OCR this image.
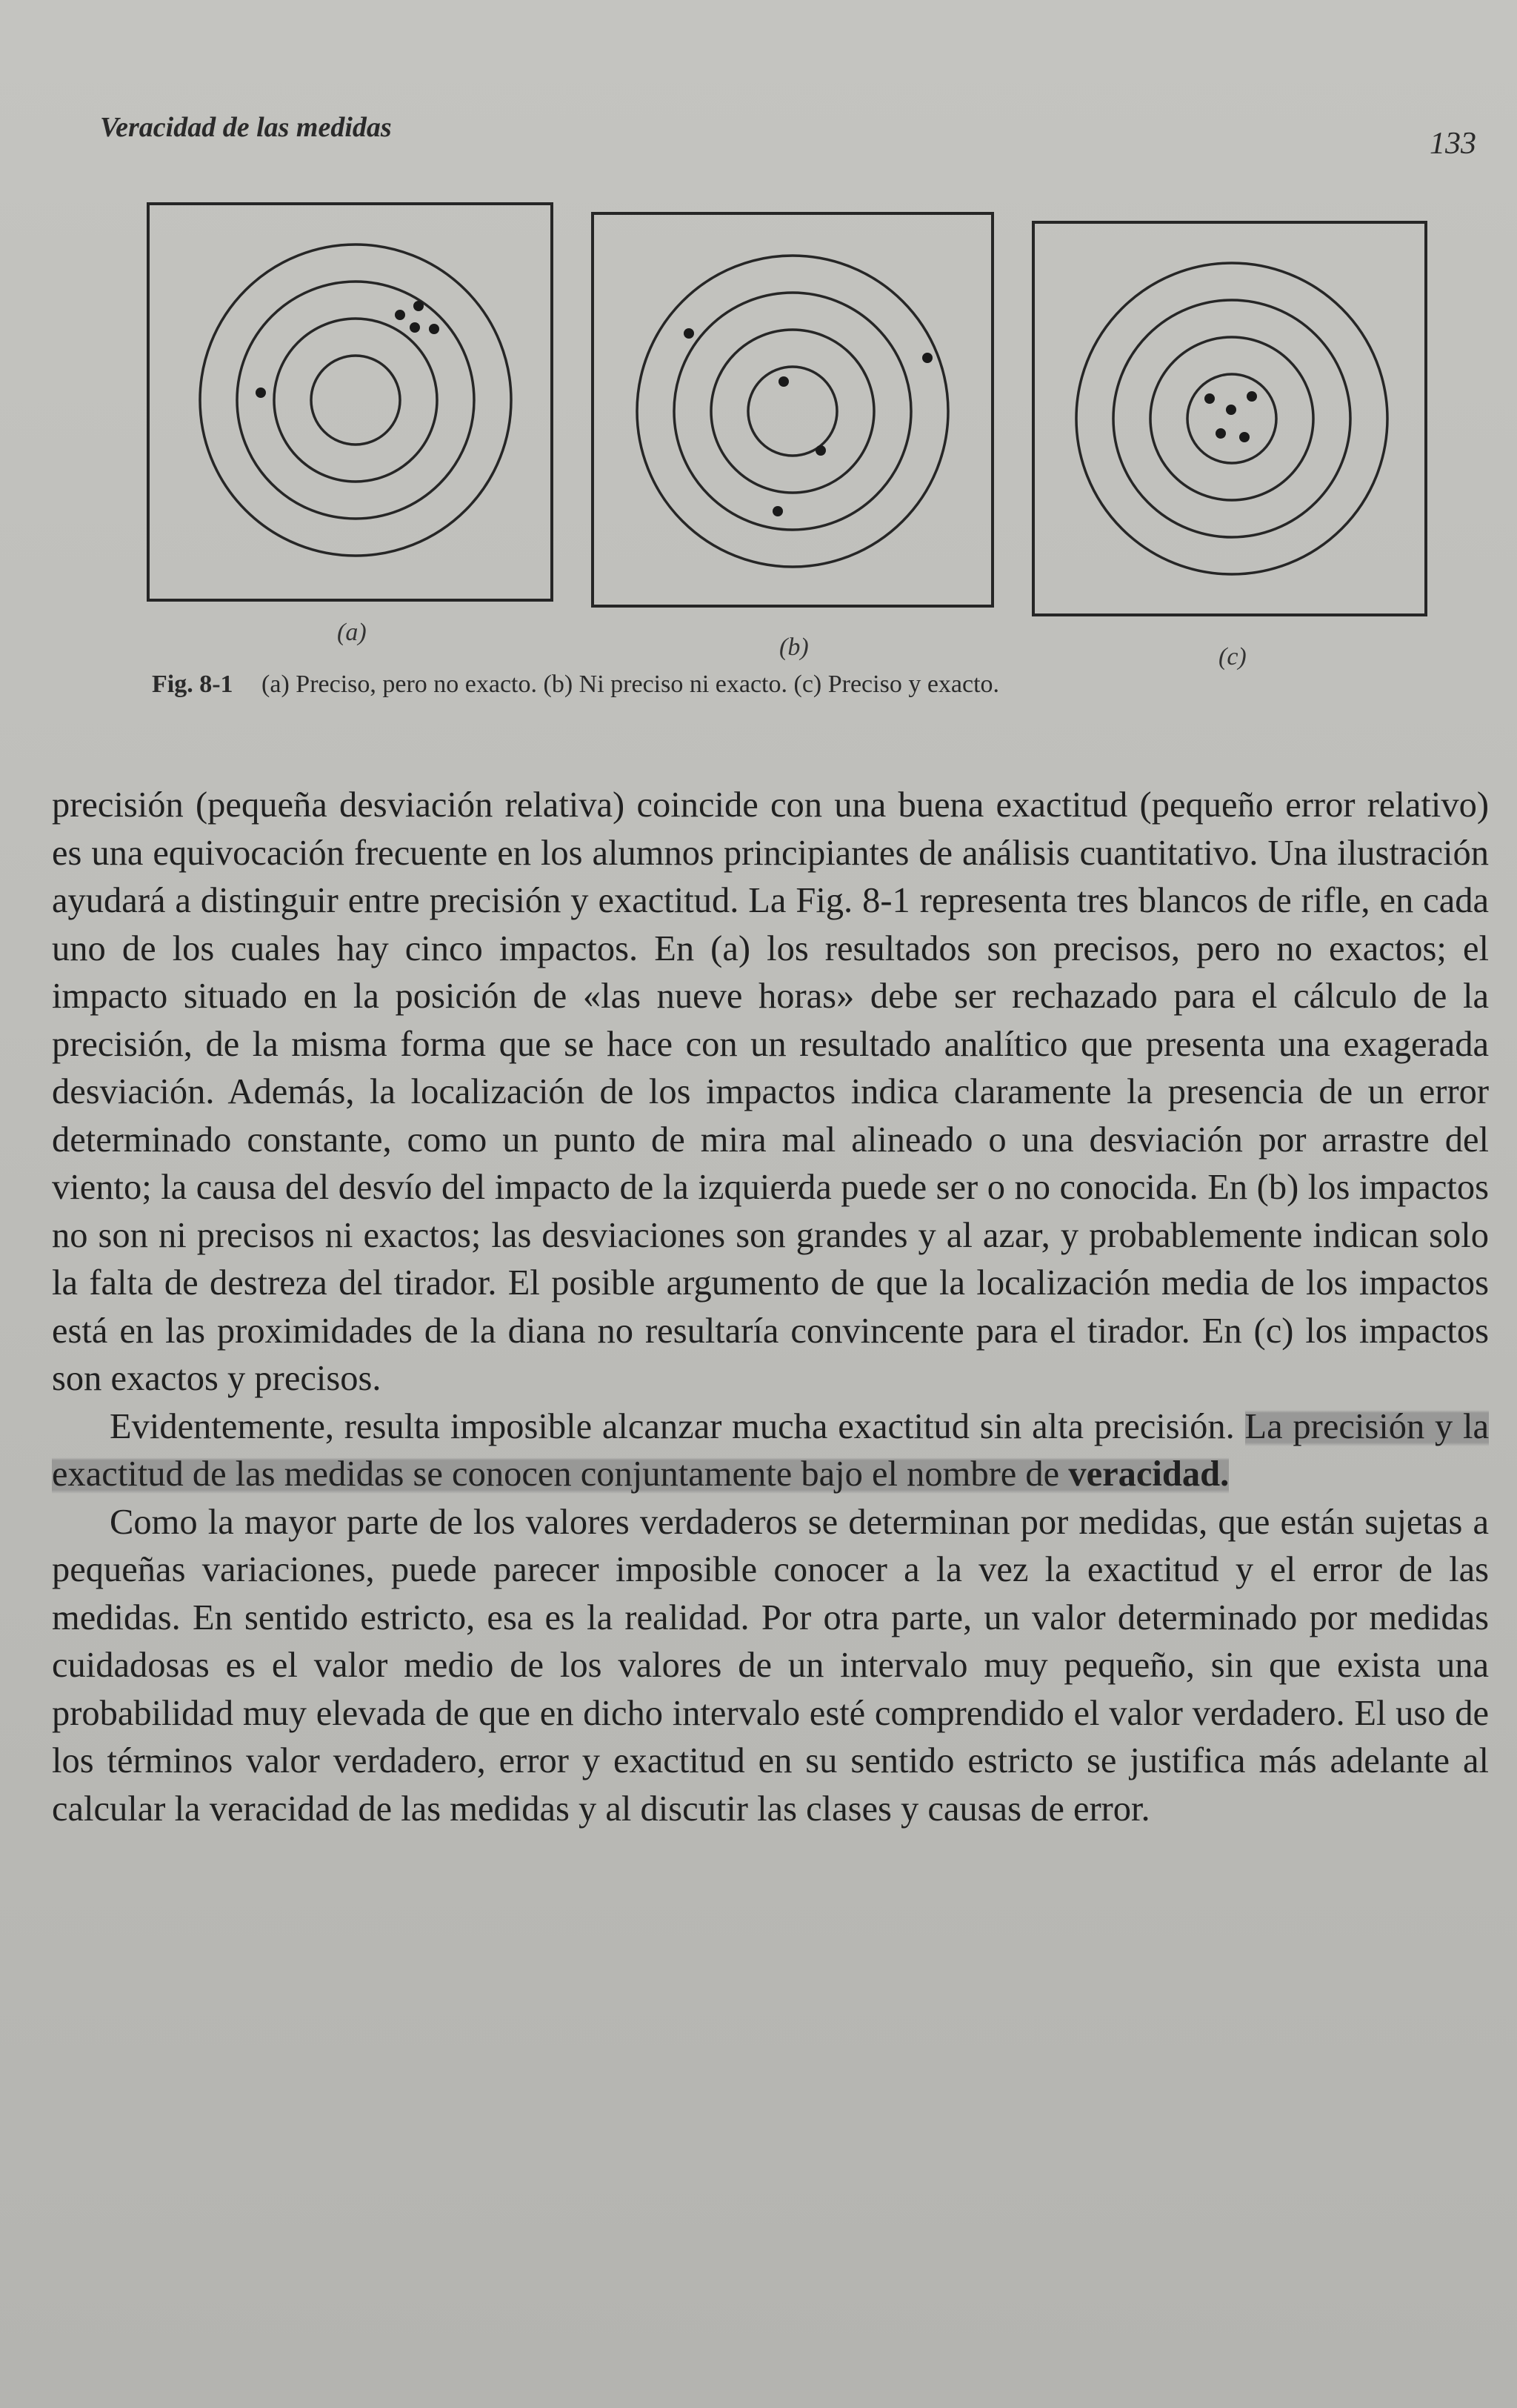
Veracidad de las medidas	133
(a)
(b)	(c)
Fig. 8-1 (a) Preciso, pero no exacto. (b) Ni preciso ni exacto. (c) Preciso y exacto.

precisión (pequeña desviación relativa) coincide con una buena exactitud (pequeño error relativo) es una equivocación frecuente en los alumnos principiantes de análisis cuantitativo. Una ilustración ayudará a distinguir entre precisión y exactitud. La Fig. 8-1 representa tres blancos de rifle, en cada uno de los cuales hay cinco impactos. En (a) los resultados son precisos, pero no exactos; el impacto situado en la posición de «las nueve horas» debe ser rechazado para el cálculo de la precisión, de la misma forma que se hace con un resultado analítico que presenta una exagerada desviación. Además, la localización de los impactos indica claramente la presencia de un error determinado constante, como un punto de mira mal alineado o una desviación por arrastre del viento; la causa del desvío del impacto de la izquierda puede ser o no conocida. En (b) los impactos no son ni precisos ni exactos; las desviaciones son grandes y al azar, y probablemente indican solo la falta de destreza del tirador. El posible argumento de que la localización media de los impactos está en las proximidades de la diana no resultaría convincente para el tirador. En (c) los impactos son exactos y precisos.

Evidentemente, resulta imposible alcanzar mucha exactitud sin alta precisión. La precisión y la exactitud de las medidas se conocen conjuntamente bajo el nombre de veracidad.

Como la mayor parte de los valores verdaderos se determinan por medidas, que están sujetas a pequeñas variaciones, puede parecer imposible conocer a la vez la exactitud y el error de las medidas. En sentido estricto, esa es la realidad. Por otra parte, un valor determinado por medidas cuidadosas es el valor medio de los valores de un intervalo muy pequeño, sin que exista una probabilidad muy elevada de que en dicho intervalo esté comprendido el valor verdadero. El uso de los términos valor verdadero, error y exactitud en su sentido estricto se justifica más adelante al calcular la veracidad de las medidas y al discutir las clases y causas de error.
